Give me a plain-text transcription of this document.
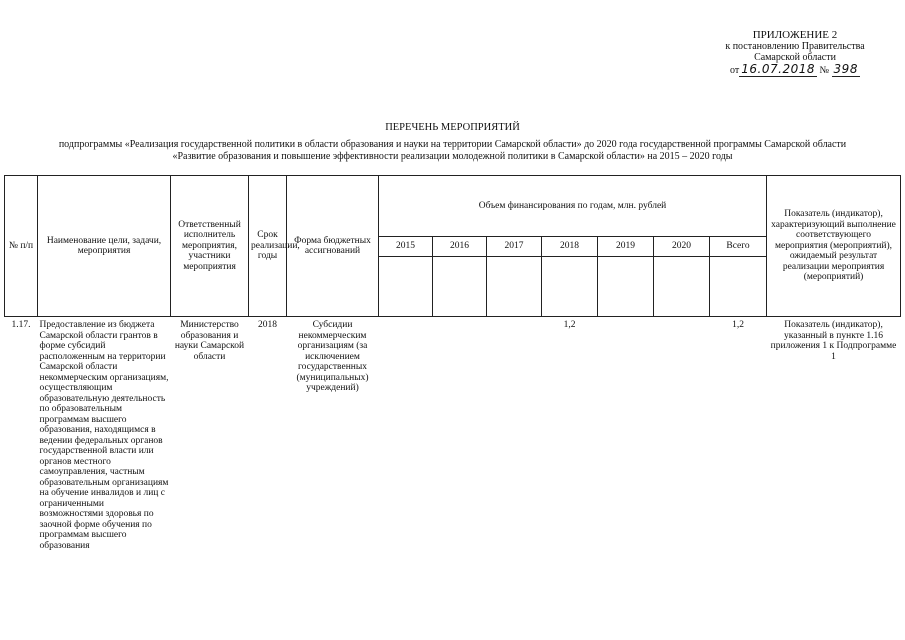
ПРИЛОЖЕНИЕ 2
к постановлению Правительства
Самарской области
от 16.07.2018 № 398
ПЕРЕЧЕНЬ МЕРОПРИЯТИЙ
подпрограммы «Реализация государственной политики в области образования и науки на территории Самарской области» до 2020 года государственной программы Самарской области
«Развитие образования и повышение эффективности реализации молодежной политики в Самарской области» на 2015 – 2020 годы
№ п/п	Наименование цели, задачи, мероприятия	Ответственный исполнитель мероприятия, участники мероприятия	Срок реализации, годы	Форма бюджетных ассигнований	Объем финансирования по годам, млн. рублей							Показатель (индикатор), характеризующий выполнение соответствующего мероприятия (мероприятий), ожидаемый результат реализации мероприятия (мероприятий)
					2015	2016	2017	2018	2019	2020	Всего	

1.17.	Предоставление из бюджета Самарской области грантов в форме субсидий расположенным на территории Самарской области некоммерческим организациям, осуществляющим образовательную деятельность по образовательным программам высшего образования, находящимся в ведении федеральных органов государственной власти или органов местного самоуправления, частным образовательным организациям на обучение инвалидов и лиц с ограниченными возможностями здоровья по заочной форме обучения по программам высшего образования	Министерство образования и науки Самарской области	2018	Субсидии некоммерческим организациям (за исключением государственных (муниципальных) учреждений)				1,2			1,2	Показатель (индикатор), указанный в пункте 1.16 приложения 1 к Подпрограмме 1
